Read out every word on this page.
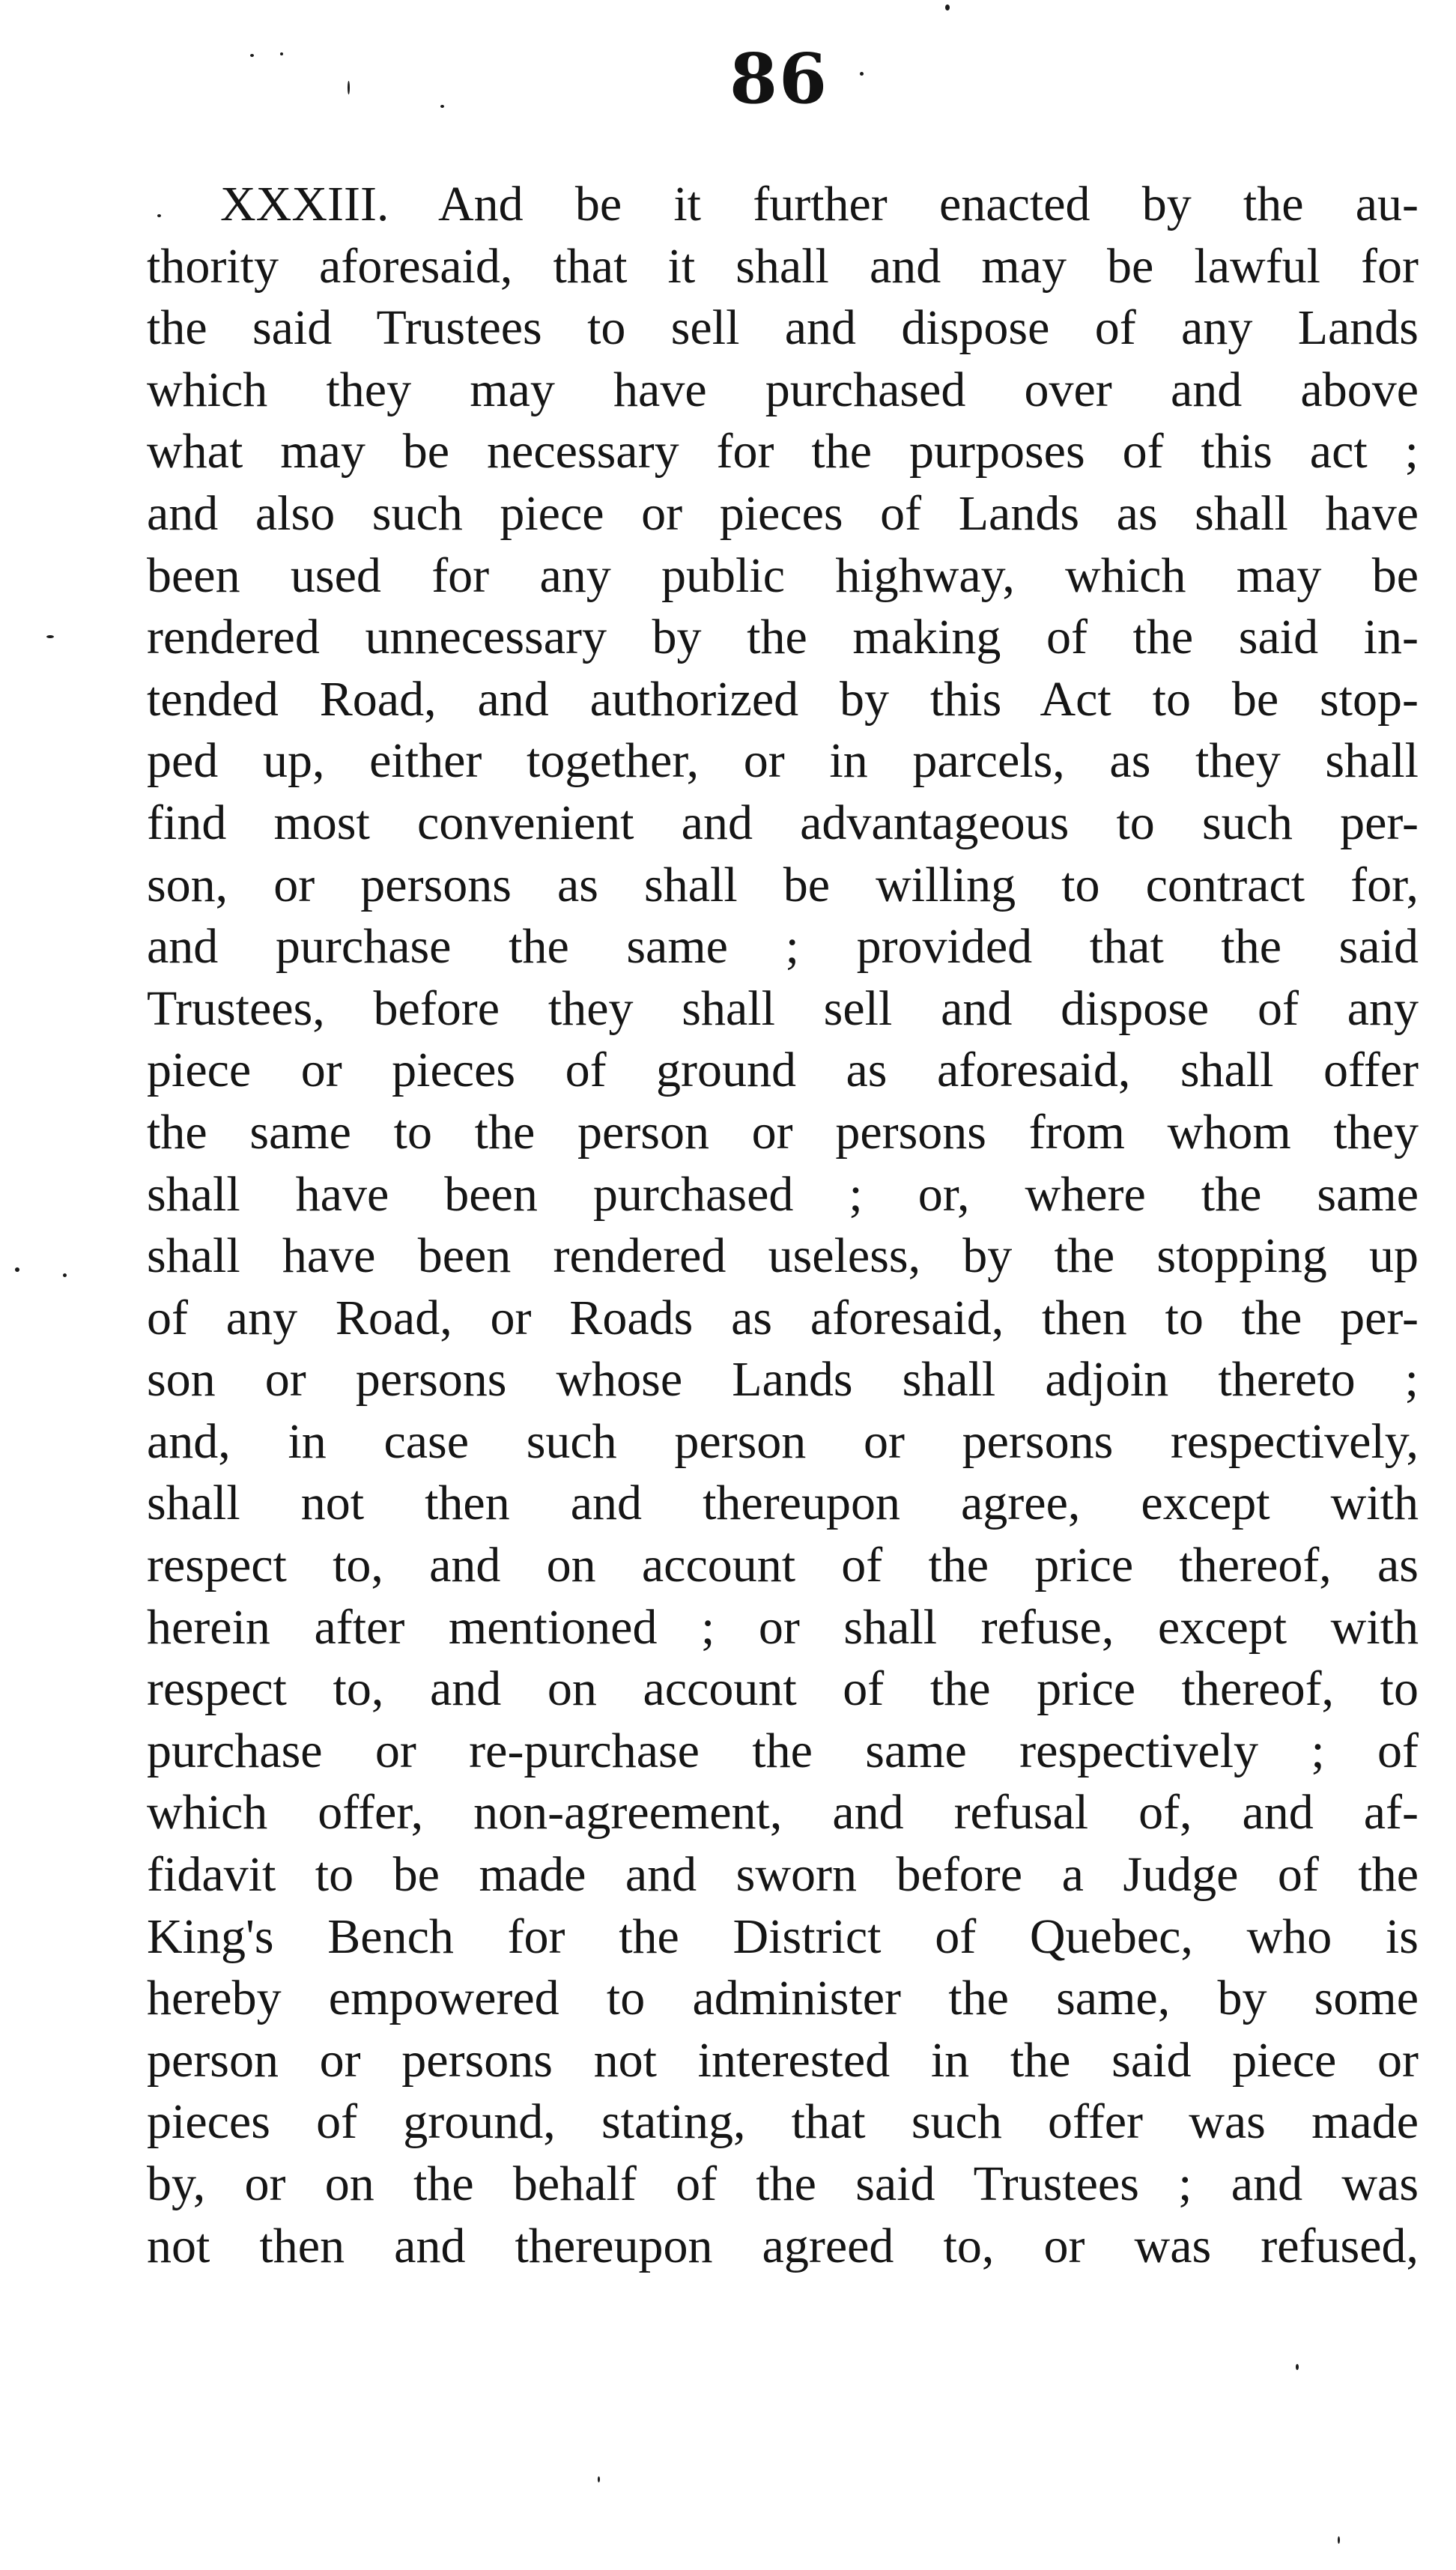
86
XXXIII. And be it further enacted by the au-
thority aforesaid, that it shall and may be lawful for
the said Trustees to sell and dispose of any Lands
which they may have purchased over and above
what may be necessary for the purposes of this act ;
and also such piece or pieces of Lands as shall have
been used for any public highway, which may be
rendered unnecessary by the making of the said in-
tended Road, and authorized by this Act to be stop-
ped up, either together, or in parcels, as they shall
find most convenient and advantageous to such per-
son, or persons as shall be willing to contract for,
and purchase the same ; provided that the said
Trustees, before they shall sell and dispose of any
piece or pieces of ground as aforesaid, shall offer
the same to the person or persons from whom they
shall have been purchased ; or, where the same
shall have been rendered useless, by the stopping up
of any Road, or Roads as aforesaid, then to the per-
son or persons whose Lands shall adjoin thereto ;
and, in case such person or persons respectively,
shall not then and thereupon agree, except with
respect to, and on account of the price thereof, as
herein after mentioned ; or shall refuse, except with
respect to, and on account of the price thereof, to
purchase or re-purchase the same respectively ; of
which offer, non-agreement, and refusal of, and af-
fidavit to be made and sworn before a Judge of the
King's Bench for the District of Quebec, who is
hereby empowered to administer the same, by some
person or persons not interested in the said piece or
pieces of ground, stating, that such offer was made
by, or on the behalf of the said Trustees ; and was
not then and thereupon agreed to, or was refused,
